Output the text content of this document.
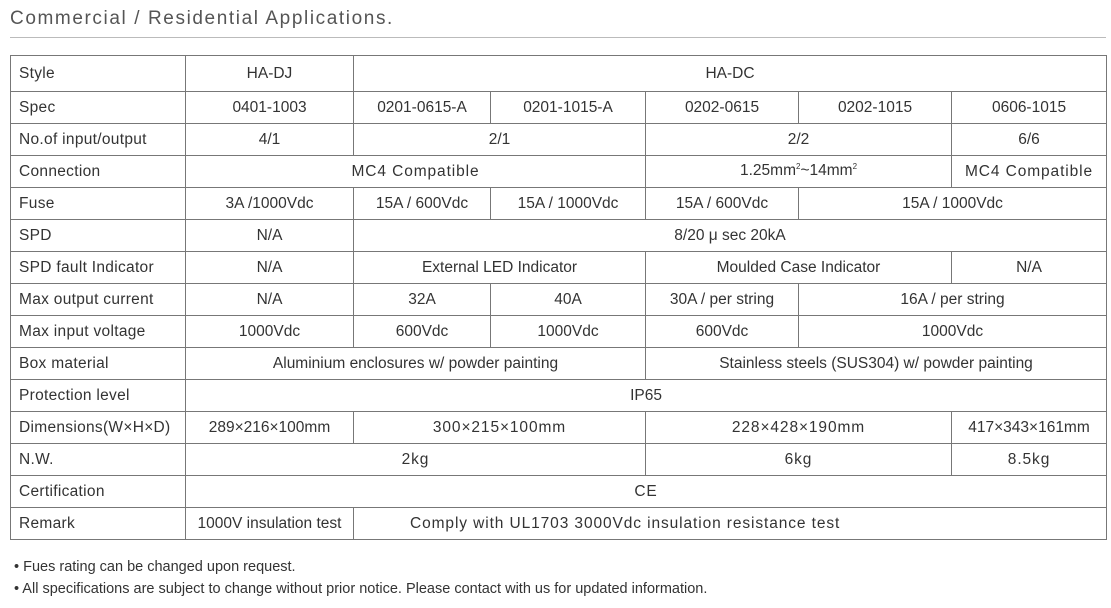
Commercial / Residential Applications.
Style	HA-DJ	HA-DC				
Spec	0401-1003	0201-0615-A	0201-1015-A	0202-0615	0202-1015	0606-1015
No.of input/output	4/1	2/1		2/2		6/6
Connection	MC4 Compatible			$1.25mm^2\sim 14mm^2$		MC4 Compatible
Fuse	3A /1000Vdc	15A / 600Vdc	15A / 1000Vdc	15A / 600Vdc	15A / 1000Vdc	
SPD	N/A	8/20 μ sec 20kA				
SPD fault Indicator	N/A	External LED Indicator		Moulded Case Indicator		N/A
Max output current	N/A	32A	40A	30A / per string	16A / per string	
Max input voltage	1000Vdc	600Vdc	1000Vdc	600Vdc	1000Vdc	
Box material	Aluminium enclosures w/ powder painting			Stainless steels (SUS304) w/ powder painting		
Protection level	IP65					
Dimensions(W×H×D)	289×216×100mm	300×215×100mm		228×428×190mm		417×343×161mm
N.W.	2kg			6kg		8.5kg
Certification	CE					
Remark	1000V insulation test	Comply with UL1703 3000Vdc insulation resistance test				
• Fues rating can be changed upon request.
• All specifications are subject to change without prior notice. Please contact with us for updated information.
